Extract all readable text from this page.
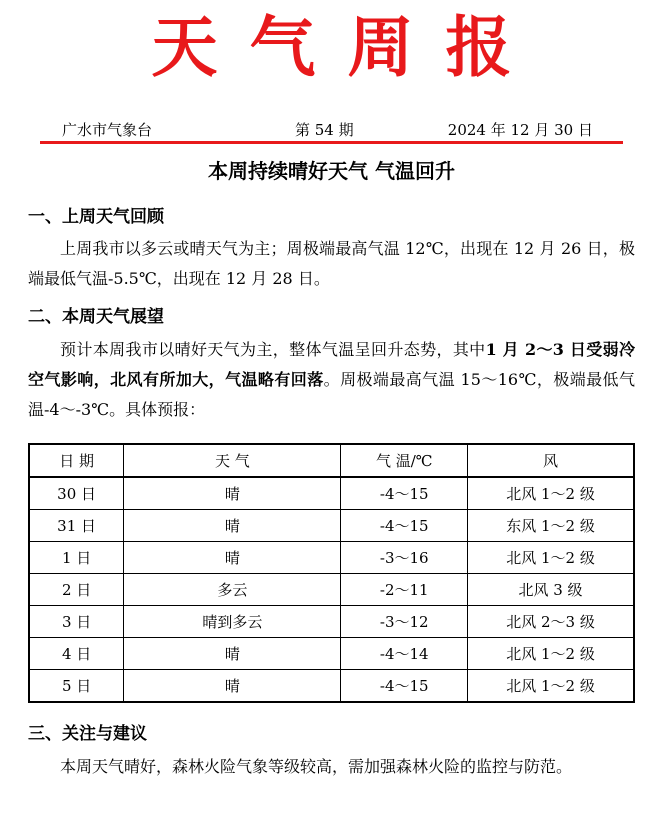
天气周报
广水市气象台	第 54 期	2024 年 12 月 30 日
本周持续晴好天气 气温回升
一、上周天气回顾

上周我市以多云或晴天气为主；周极端最高气温 12℃，出现在 12 月 26 日，极端最低气温-5.5℃，出现在 12 月 28 日。

二、本周天气展望

预计本周我市以晴好天气为主，整体气温呈回升态势，其中1 月 2～3 日受弱冷空气影响，北风有所加大，气温略有回落。周极端最高气温 15～16℃，极端最低气温-4～-3℃。具体预报：

日 期	天 气	气 温/℃	风
30 日	晴	-4～15	北风 1～2 级
31 日	晴	-4～15	东风 1～2 级
1 日	晴	-3～16	北风 1～2 级
2 日	多云	-2～11	北风 3 级
3 日	晴到多云	-3～12	北风 2～3 级
4 日	晴	-4～14	北风 1～2 级
5 日	晴	-4～15	北风 1～2 级
三、关注与建议

本周天气晴好，森林火险气象等级较高，需加强森林火险的监控与防范。
